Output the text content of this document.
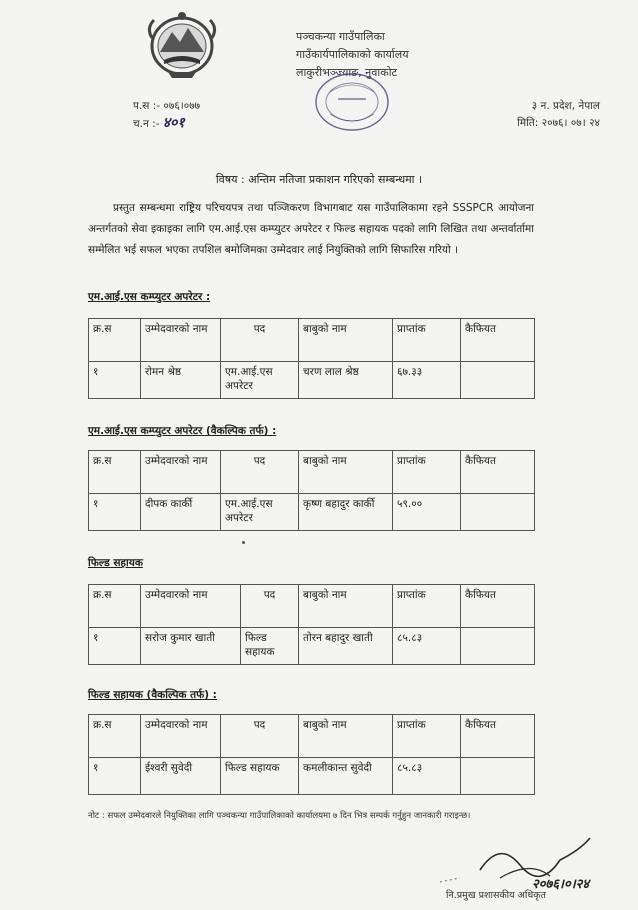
पञ्चकन्या गाउँपालिका
गाउँकार्यपालिकाको कार्यालय
लाकुरीभञ्ज्याङ, नुवाकोट
प.स :- ०७६।०७७
च.न :- ४०१
३ न. प्रदेश, नेपाल
मिति: २०७६। ०७। २४
विषय : अन्तिम नतिजा प्रकाशन गरिएको सम्बन्धमा ।
प्रस्तुत सम्बन्धमा राष्ट्रिय परिचयपत्र तथा पञ्जिकरण विभागबाट यस गाउँपालिकामा रहने SSSPCR आयोजना अन्तर्गतको सेवा इकाइका लागि एम.आई.एस कम्प्युटर अपरेटर र फिल्ड सहायक पदको लागि लिखित तथा अन्तर्वार्तामा सम्मेलित भई सफल भएका तपशिल बमोजिमका उम्मेदवार लाई नियुक्तिको लागि सिफारिस गरियो ।
एम.आई.एस कम्प्युटर अपरेटर :
क्र.स	उम्मेदवारको नाम	पद	बाबुको नाम	प्राप्तांक	कैफियत
१	रोमन श्रेष्ठ	एम.आई.एस अपरेटर	चरण लाल श्रेष्ठ	६७.३३	
एम.आई.एस कम्प्युटर अपरेटर (वैकल्पिक तर्फ) :
क्र.स	उम्मेदवारको नाम	पद	बाबुको नाम	प्राप्तांक	कैफियत
१	दीपक कार्की	एम.आई.एस अपरेटर	कृष्ण बहादुर कार्की	५९.००	
फिल्ड सहायक
क्र.स	उम्मेदवारको नाम	पद	बाबुको नाम	प्राप्तांक	कैफियत
१	सरोज कुमार खाती	फिल्ड सहायक	तोरन बहादुर खाती	८५.८३	
फिल्ड सहायक (वैकल्पिक तर्फ) :
क्र.स	उम्मेदवारको नाम	पद	बाबुको नाम	प्राप्तांक	कैफियत
१	ईश्वरी सुवेदी	फिल्ड सहायक	कमलीकान्त सुवेदी	८५.८३	
नोट : सफल उम्मेदवारले नियुक्तिका लागि पञ्चकन्या गाउँपालिकाको कार्यालयमा ७ दिन भित्र सम्पर्क गर्नुहुन जानकारी गराइन्छ।
नि.प्रमुख प्रशासकीय अधिकृत
२०७६।०।२४
